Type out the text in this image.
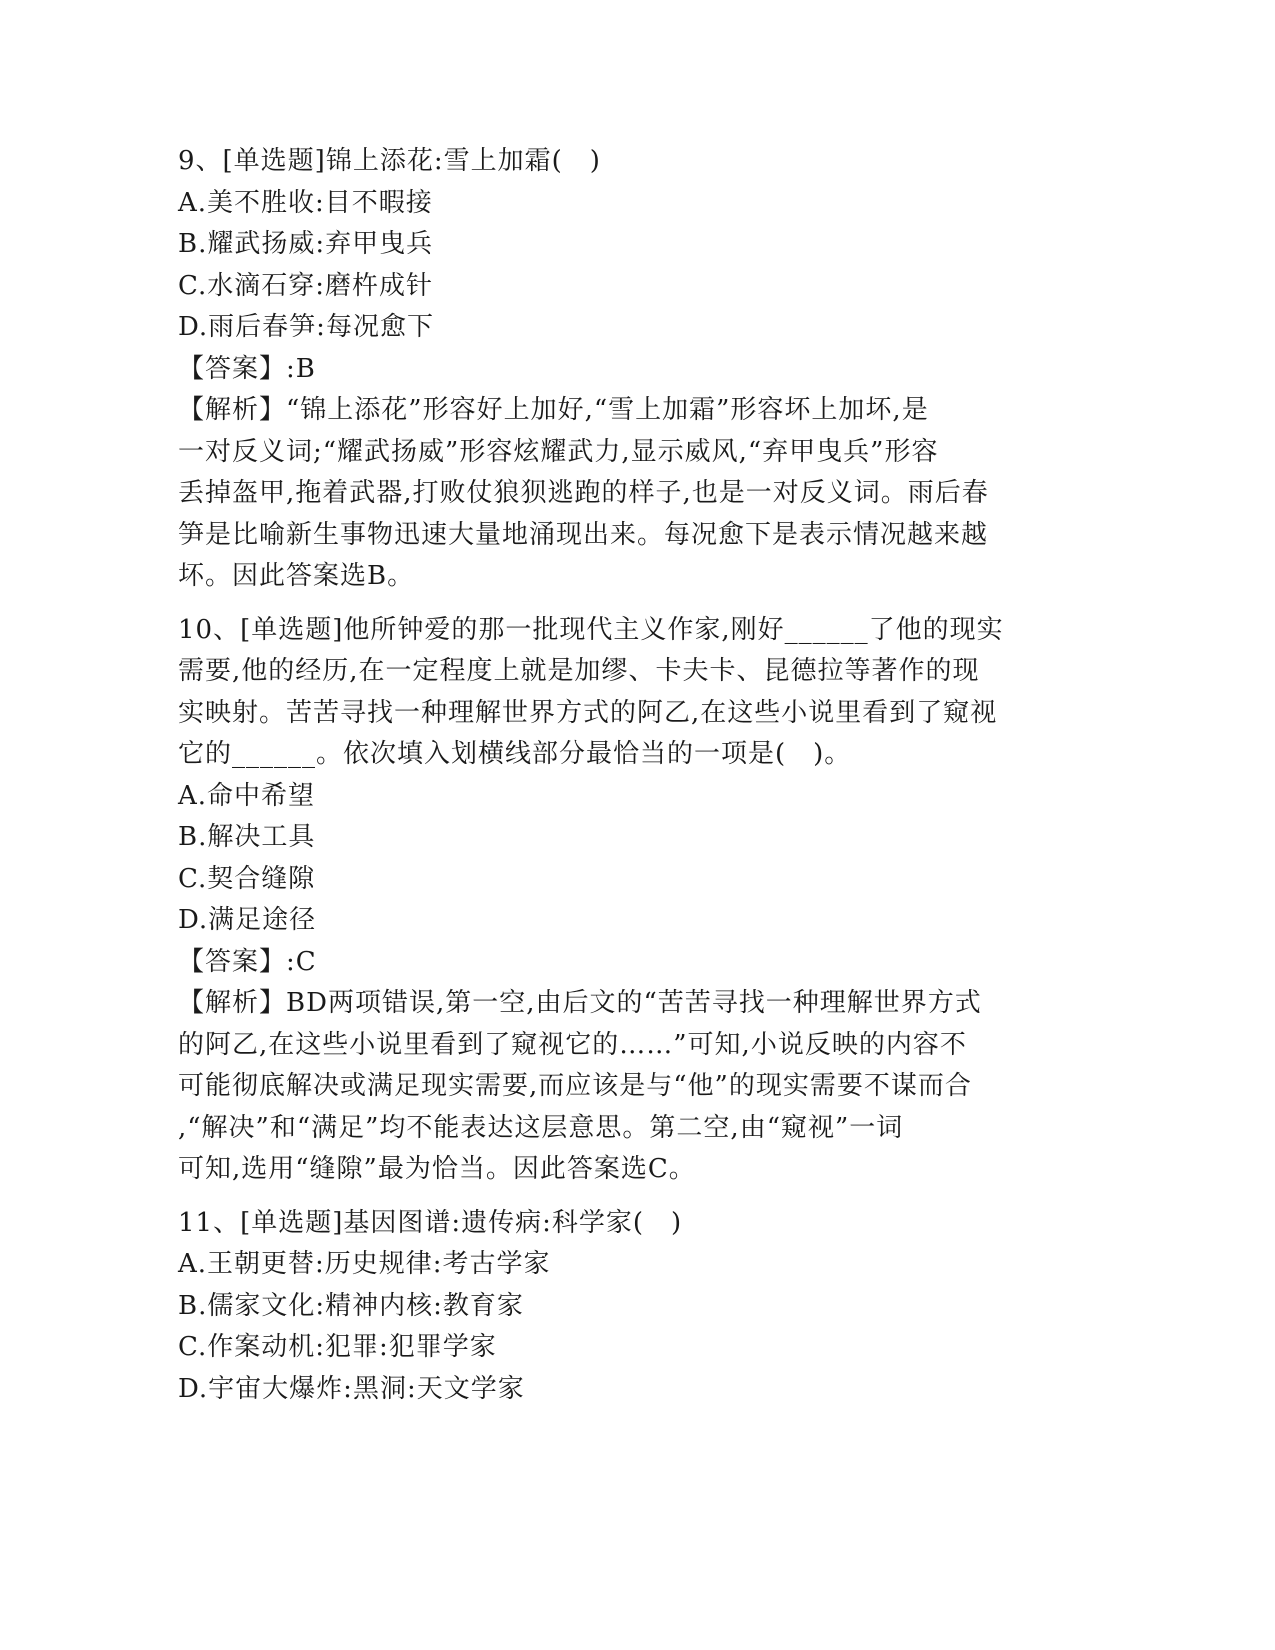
9、[单选题]锦上添花:雪上加霜(　)
A.美不胜收:目不暇接
B.耀武扬威:弃甲曳兵
C.水滴石穿:磨杵成针
D.雨后春笋:每况愈下
【答案】:B
【解析】“锦上添花”形容好上加好,“雪上加霜”形容坏上加坏,是
一对反义词;“耀武扬威”形容炫耀武力,显示威风,“弃甲曳兵”形容
丢掉盔甲,拖着武器,打败仗狼狈逃跑的样子,也是一对反义词。雨后春
笋是比喻新生事物迅速大量地涌现出来。每况愈下是表示情况越来越
坏。因此答案选B。
10、[单选题]他所钟爱的那一批现代主义作家,刚好______了他的现实
需要,他的经历,在一定程度上就是加缪、卡夫卡、昆德拉等著作的现
实映射。苦苦寻找一种理解世界方式的阿乙,在这些小说里看到了窥视
它的______。依次填入划横线部分最恰当的一项是(　)。
A.命中希望
B.解决工具
C.契合缝隙
D.满足途径
【答案】:C
【解析】BD两项错误,第一空,由后文的“苦苦寻找一种理解世界方式
的阿乙,在这些小说里看到了窥视它的……”可知,小说反映的内容不
可能彻底解决或满足现实需要,而应该是与“他”的现实需要不谋而合
,“解决”和“满足”均不能表达这层意思。第二空,由“窥视”一词
可知,选用“缝隙”最为恰当。因此答案选C。
11、[单选题]基因图谱:遗传病:科学家(　)
A.王朝更替:历史规律:考古学家
B.儒家文化:精神内核:教育家
C.作案动机:犯罪:犯罪学家
D.宇宙大爆炸:黑洞:天文学家
